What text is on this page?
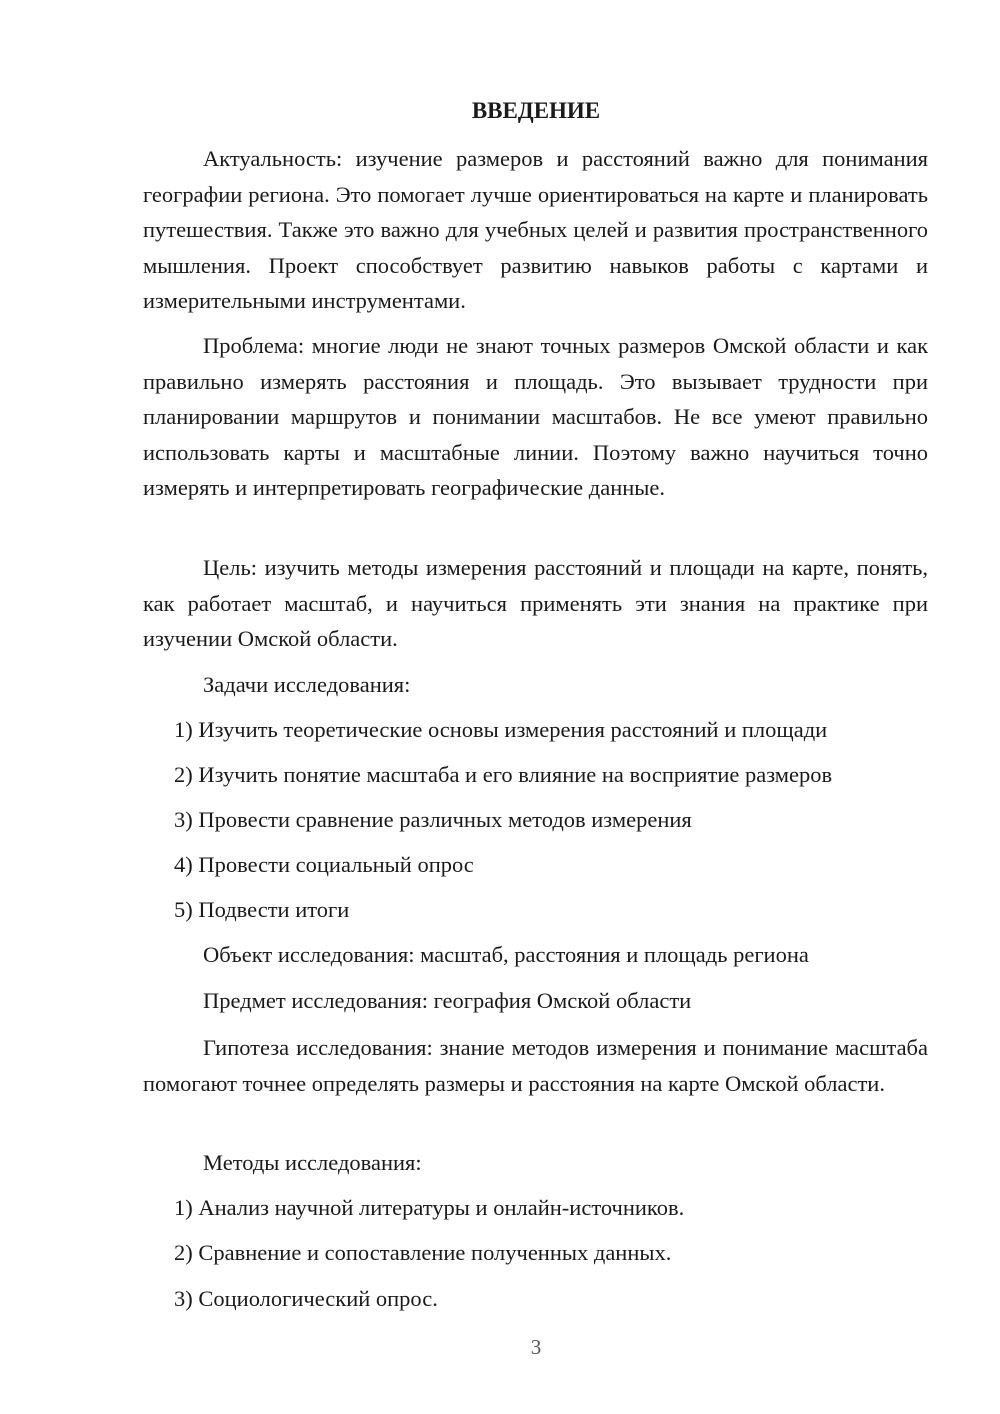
ВВЕДЕНИЕ

Актуальность: изучение размеров и расстояний важно для понимания географии региона. Это помогает лучше ориентироваться на карте и планировать путешествия. Также это важно для учебных целей и развития пространственного мышления. Проект способствует развитию навыков работы с картами и измерительными инструментами.

Проблема: многие люди не знают точных размеров Омской области и как правильно измерять расстояния и площадь. Это вызывает трудности при планировании маршрутов и понимании масштабов. Не все умеют правильно использовать карты и масштабные линии. Поэтому важно научиться точно измерять и интерпретировать географические данные.

Цель: изучить методы измерения расстояний и площади на карте, понять, как работает масштаб, и научиться применять эти знания на практике при изучении Омской области.

Задачи исследования:

1) Изучить теоретические основы измерения расстояний и площади

2) Изучить понятие масштаба и его влияние на восприятие размеров

3) Провести сравнение различных методов измерения

4) Провести социальный опрос

5) Подвести итоги

Объект исследования: масштаб, расстояния и площадь региона

Предмет исследования: география Омской области

Гипотеза исследования: знание методов измерения и понимание масштаба помогают точнее определять размеры и расстояния на карте Омской области.

Методы исследования:

1) Анализ научной литературы и онлайн-источников.

2) Сравнение и сопоставление полученных данных.

3) Социологический опрос.

3
